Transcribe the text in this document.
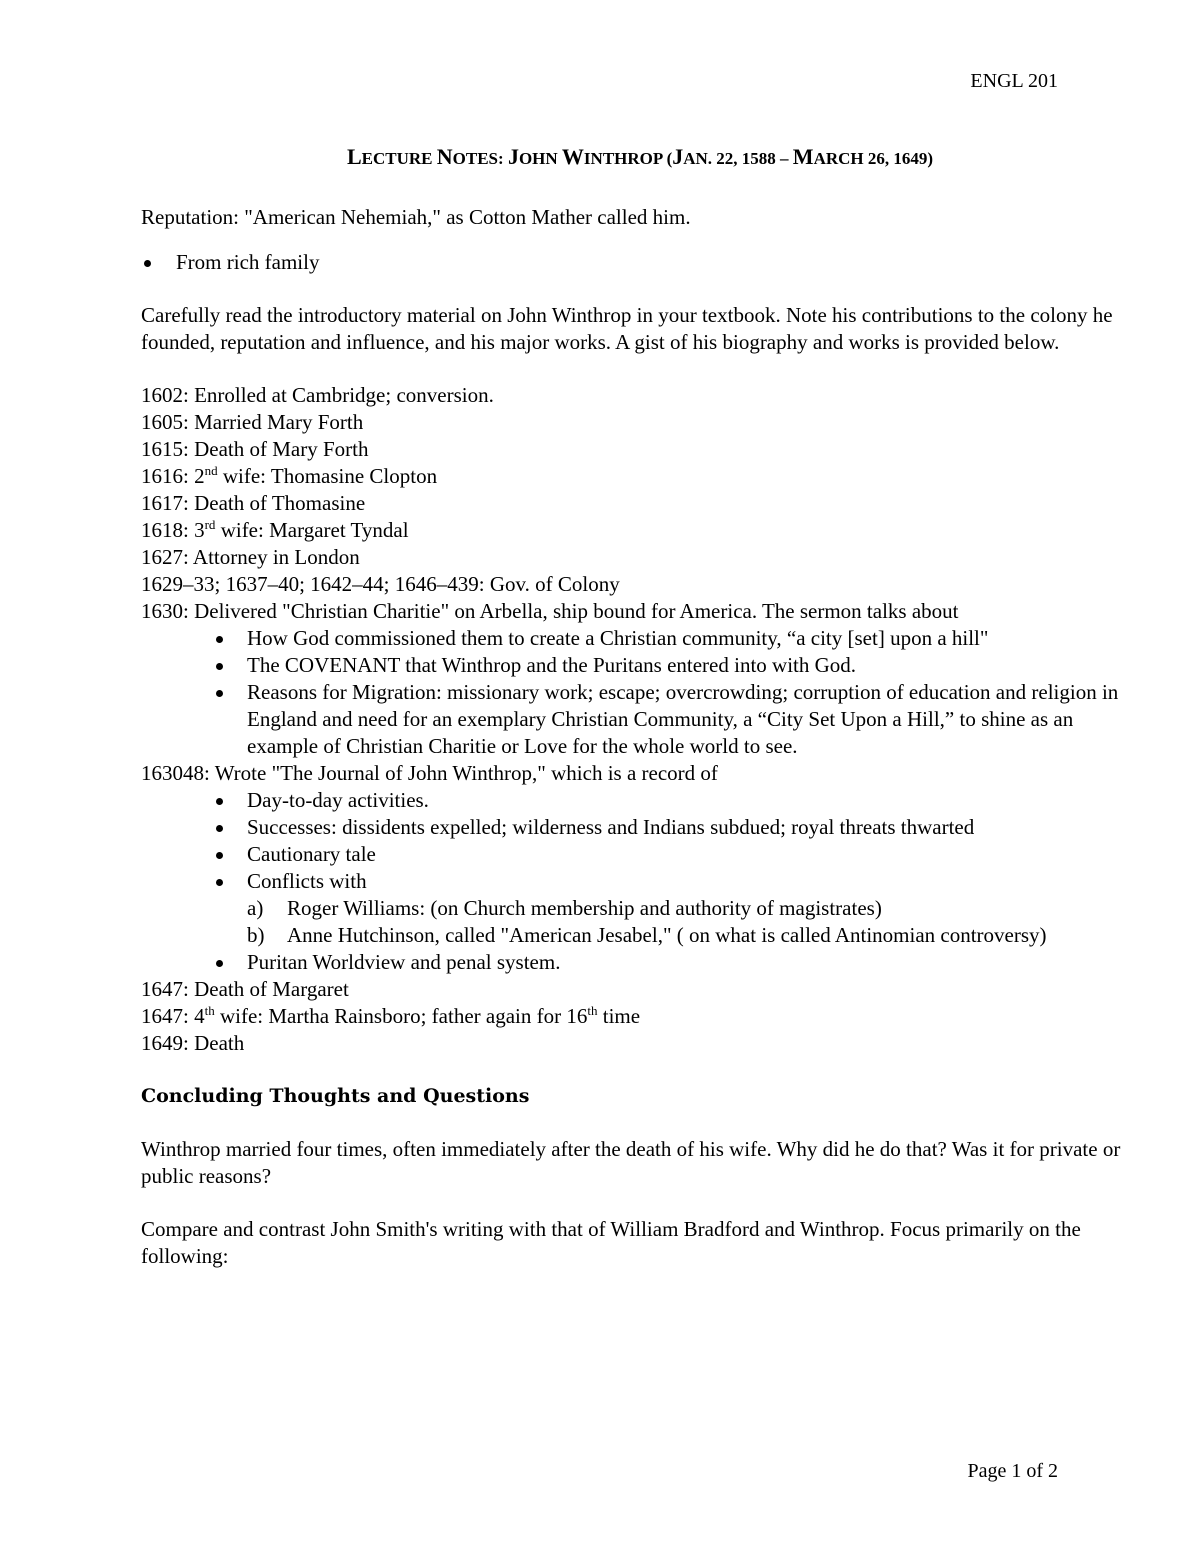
ENGL 201
LECTURE NOTES: JOHN WINTHROP (JAN. 22, 1588 – MARCH 26, 1649)

Reputation: "American Nehemiah," as Cotton Mather called him.

From rich family

Carefully read the introductory material on John Winthrop in your textbook. Note his contributions to the colony he founded, reputation and influence, and his major works. A gist of his biography and works is provided below.

1602: Enrolled at Cambridge; conversion.

1605: Married Mary Forth

1615: Death of Mary Forth

1616: 2nd wife: Thomasine Clopton

1617: Death of Thomasine

1618: 3rd wife: Margaret Tyndal

1627: Attorney in London

1629–33; 1637–40; 1642–44; 1646–439: Gov. of Colony

1630: Delivered "Christian Charitie" on Arbella, ship bound for America. The sermon talks about

How God commissioned them to create a Christian community, “a city [set] upon a hill"
The COVENANT that Winthrop and the Puritans entered into with God.
Reasons for Migration: missionary work; escape; overcrowding; corruption of education and religion in England and need for an exemplary Christian Community, a “City Set Upon a Hill,” to shine as an example of Christian Charitie or Love for the whole world to see.

163048: Wrote "The Journal of John Winthrop," which is a record of

Day-to-day activities.
Successes: dissidents expelled; wilderness and Indians subdued; royal threats thwarted
Cautionary tale
Conflicts with
a) Roger Williams: (on Church membership and authority of magistrates)
b) Anne Hutchinson, called "American Jesabel," ( on what is called Antinomian controversy)
Puritan Worldview and penal system.

1647: Death of Margaret

1647: 4th wife: Martha Rainsboro; father again for 16th time

1649: Death

Concluding Thoughts and Questions

Winthrop married four times, often immediately after the death of his wife. Why did he do that? Was it for private or public reasons?

Compare and contrast John Smith's writing with that of William Bradford and Winthrop. Focus primarily on the following:

Page 1 of 2
